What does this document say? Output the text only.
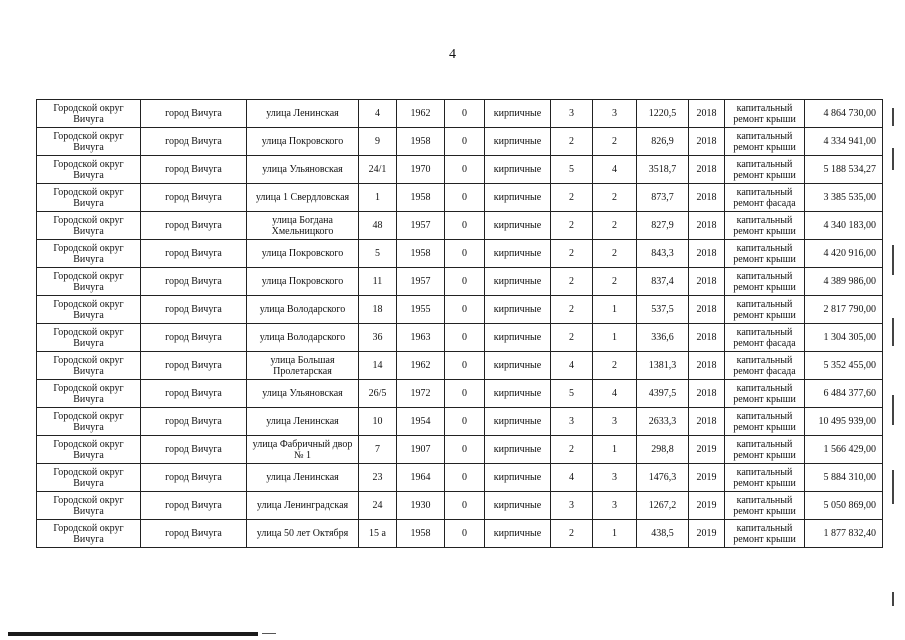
4
Городской округ Вичуга	город Вичуга	улица Ленинская	4	1962	0	кирпичные	3	3	1220,5	2018	капитальный ремонт крыши	4 864 730,00
Городской округ Вичуга	город Вичуга	улица Покровского	9	1958	0	кирпичные	2	2	826,9	2018	капитальный ремонт крыши	4 334 941,00
Городской округ Вичуга	город Вичуга	улица Ульяновская	24/1	1970	0	кирпичные	5	4	3518,7	2018	капитальный ремонт крыши	5 188 534,27
Городской округ Вичуга	город Вичуга	улица 1 Свердловская	1	1958	0	кирпичные	2	2	873,7	2018	капитальный ремонт фасада	3 385 535,00
Городской округ Вичуга	город Вичуга	улица Богдана Хмельницкого	48	1957	0	кирпичные	2	2	827,9	2018	капитальный ремонт крыши	4 340 183,00
Городской округ Вичуга	город Вичуга	улица Покровского	5	1958	0	кирпичные	2	2	843,3	2018	капитальный ремонт крыши	4 420 916,00
Городской округ Вичуга	город Вичуга	улица Покровского	11	1957	0	кирпичные	2	2	837,4	2018	капитальный ремонт крыши	4 389 986,00
Городской округ Вичуга	город Вичуга	улица Володарского	18	1955	0	кирпичные	2	1	537,5	2018	капитальный ремонт крыши	2 817 790,00
Городской округ Вичуга	город Вичуга	улица Володарского	36	1963	0	кирпичные	2	1	336,6	2018	капитальный ремонт фасада	1 304 305,00
Городской округ Вичуга	город Вичуга	улица Большая Пролетарская	14	1962	0	кирпичные	4	2	1381,3	2018	капитальный ремонт фасада	5 352 455,00
Городской округ Вичуга	город Вичуга	улица Ульяновская	26/5	1972	0	кирпичные	5	4	4397,5	2018	капитальный ремонт крыши	6 484 377,60
Городской округ Вичуга	город Вичуга	улица Ленинская	10	1954	0	кирпичные	3	3	2633,3	2018	капитальный ремонт крыши	10 495 939,00
Городской округ Вичуга	город Вичуга	улица Фабричный двор № 1	7	1907	0	кирпичные	2	1	298,8	2019	капитальный ремонт крыши	1 566 429,00
Городской округ Вичуга	город Вичуга	улица Ленинская	23	1964	0	кирпичные	4	3	1476,3	2019	капитальный ремонт крыши	5 884 310,00
Городской округ Вичуга	город Вичуга	улица Ленинградская	24	1930	0	кирпичные	3	3	1267,2	2019	капитальный ремонт крыши	5 050 869,00
Городской округ Вичуга	город Вичуга	улица 50 лет Октября	15 а	1958	0	кирпичные	2	1	438,5	2019	капитальный ремонт крыши	1 877 832,40
